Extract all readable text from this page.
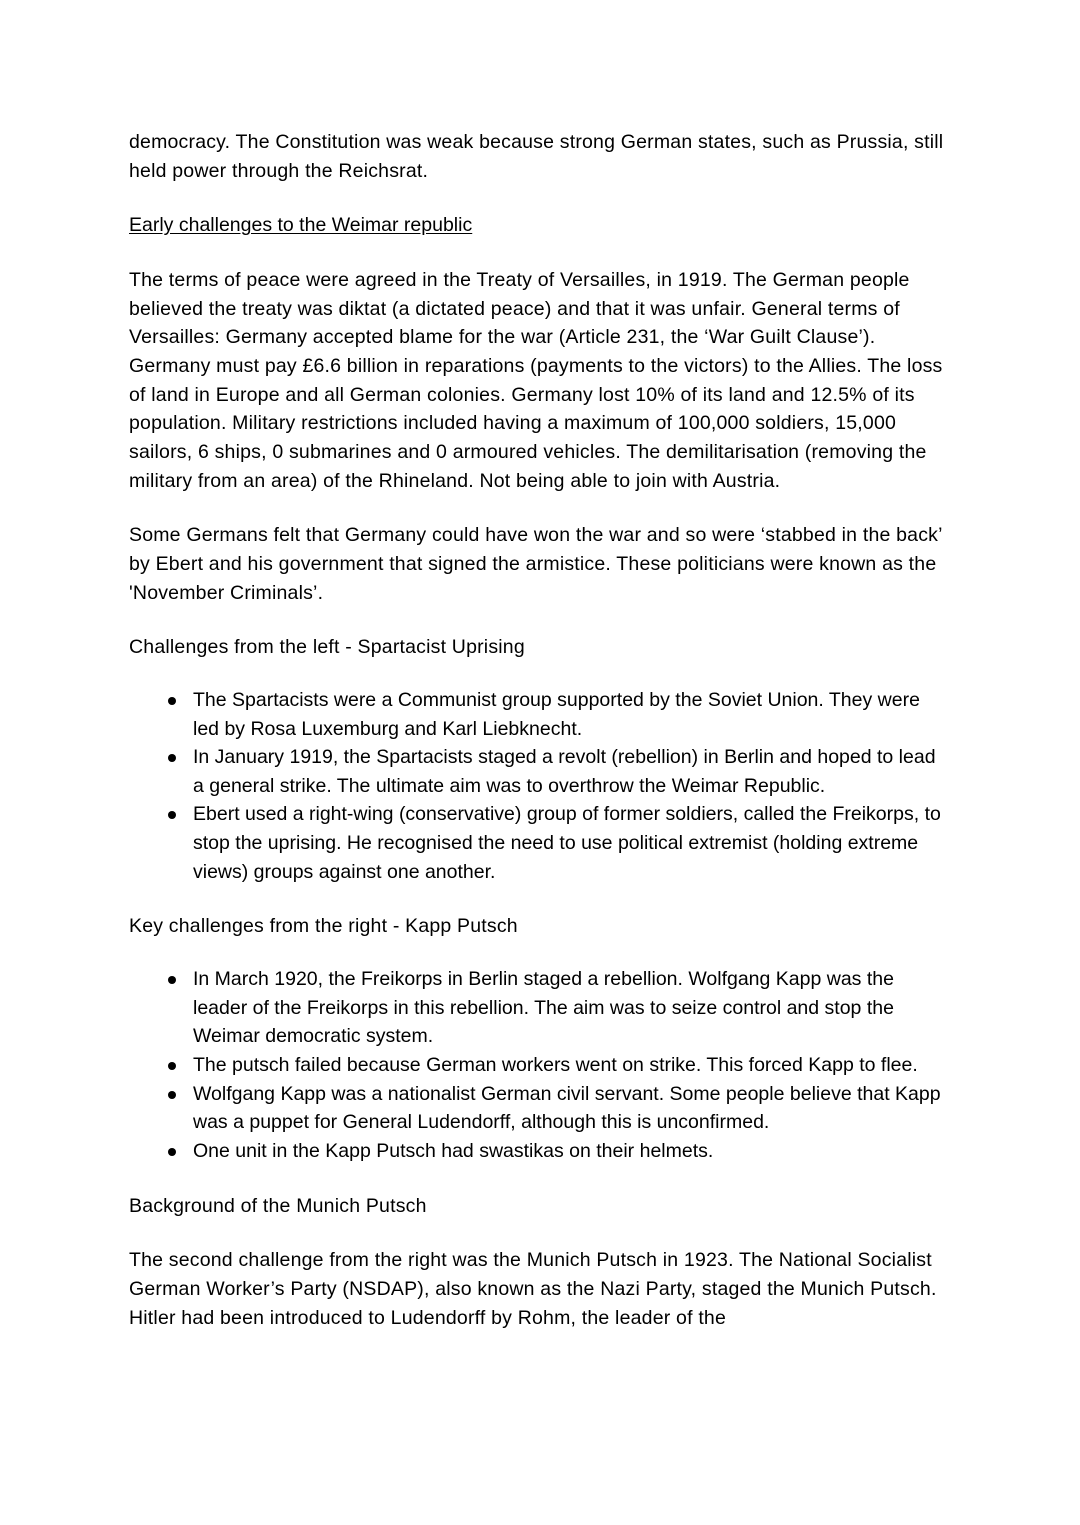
democracy. The Constitution was weak because strong German states, such as Prussia, still held power through the Reichsrat.

Early challenges to the Weimar republic

The terms of peace were agreed in the Treaty of Versailles, in 1919. The German people believed the treaty was diktat (a dictated peace) and that it was unfair. General terms of Versailles: Germany accepted blame for the war (Article 231, the ‘War Guilt Clause’). Germany must pay £6.6 billion in reparations (payments to the victors) to the Allies. The loss of land in Europe and all German colonies. Germany lost 10% of its land and 12.5% of its population. Military restrictions included having a maximum of 100,000 soldiers, 15,000 sailors, 6 ships, 0 submarines and 0 armoured vehicles. The demilitarisation (removing the military from an area) of the Rhineland. Not being able to join with Austria.

Some Germans felt that Germany could have won the war and so were ‘stabbed in the back’ by Ebert and his government that signed the armistice. These politicians were known as the 'November Criminals’.

Challenges from the left - Spartacist Uprising

The Spartacists were a Communist group supported by the Soviet Union. They were led by Rosa Luxemburg and Karl Liebknecht.
In January 1919, the Spartacists staged a revolt (rebellion) in Berlin and hoped to lead a general strike. The ultimate aim was to overthrow the Weimar Republic.
Ebert used a right-wing (conservative) group of former soldiers, called the Freikorps, to stop the uprising. He recognised the need to use political extremist (holding extreme views) groups against one another.

Key challenges from the right - Kapp Putsch

In March 1920, the Freikorps in Berlin staged a rebellion. Wolfgang Kapp was the leader of the Freikorps in this rebellion. The aim was to seize control and stop the Weimar democratic system.
The putsch failed because German workers went on strike. This forced Kapp to flee.
Wolfgang Kapp was a nationalist German civil servant. Some people believe that Kapp was a puppet for General Ludendorff, although this is unconfirmed.
One unit in the Kapp Putsch had swastikas on their helmets.

Background of the Munich Putsch

The second challenge from the right was the Munich Putsch in 1923. The National Socialist German Worker’s Party (NSDAP), also known as the Nazi Party, staged the Munich Putsch. Hitler had been introduced to Ludendorff by Rohm, the leader of the
